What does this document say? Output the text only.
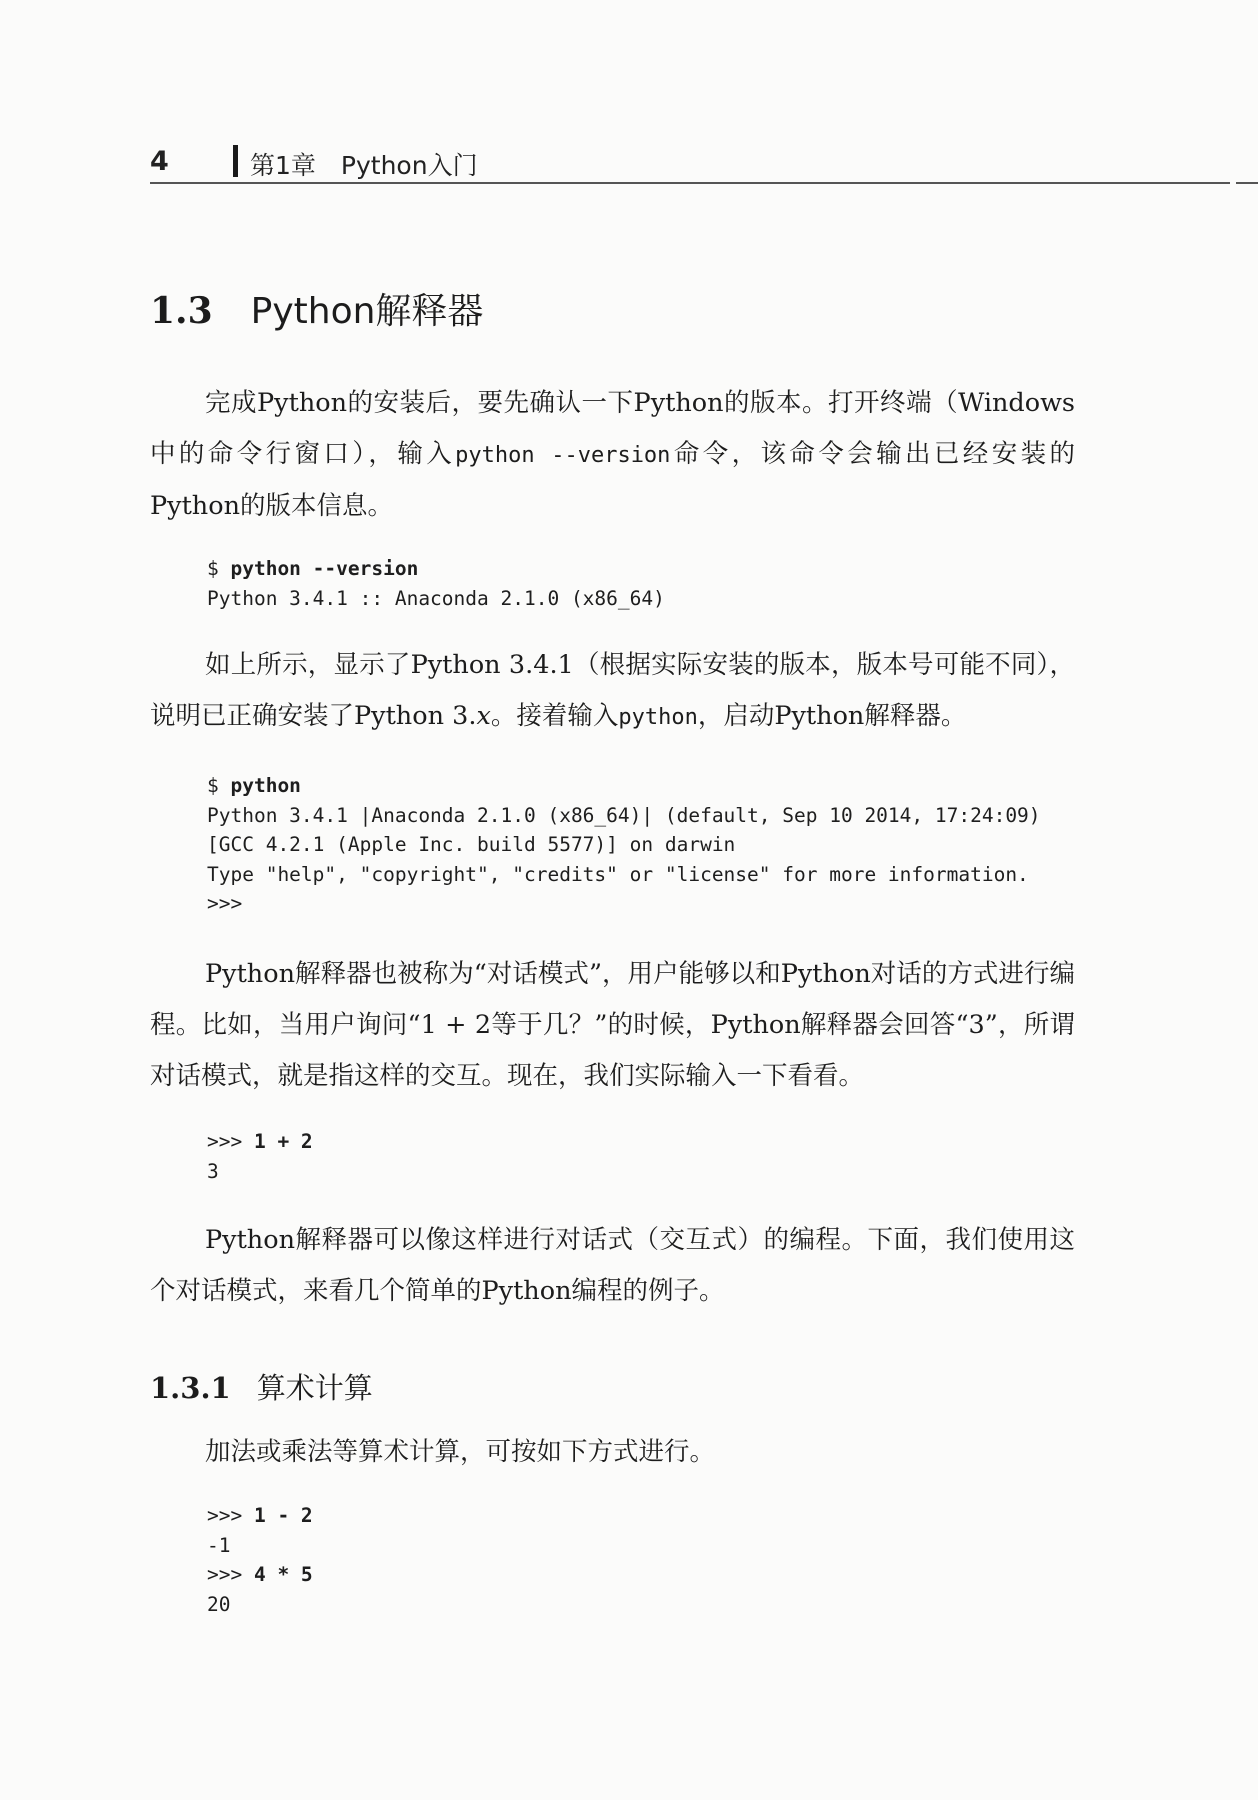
4	第1章　Python入门
1.3 Python解释器

完成Python的安装后，要先确认一下Python的版本。打开终端（Windows中的命令行窗口），输入python --version命令，该命令会输出已经安装的Python的版本信息。

$ python --version
Python 3.4.1 :: Anaconda 2.1.0 (x86_64)

如上所示，显示了Python 3.4.1（根据实际安装的版本，版本号可能不同），说明已正确安装了Python 3.x。接着输入python，启动Python解释器。

$ python
Python 3.4.1 |Anaconda 2.1.0 (x86_64)| (default, Sep 10 2014, 17:24:09)
[GCC 4.2.1 (Apple Inc. build 5577)] on darwin
Type "help", "copyright", "credits" or "license" for more information.
>>>

Python解释器也被称为“对话模式”，用户能够以和Python对话的方式进行编程。比如，当用户询问“1 + 2等于几？”的时候，Python解释器会回答“3”，所谓对话模式，就是指这样的交互。现在，我们实际输入一下看看。

>>> 1 + 2
3

Python解释器可以像这样进行对话式（交互式）的编程。下面，我们使用这个对话模式，来看几个简单的Python编程的例子。

1.3.1 算术计算

加法或乘法等算术计算，可按如下方式进行。

>>> 1 - 2
-1
>>> 4 * 5
20
